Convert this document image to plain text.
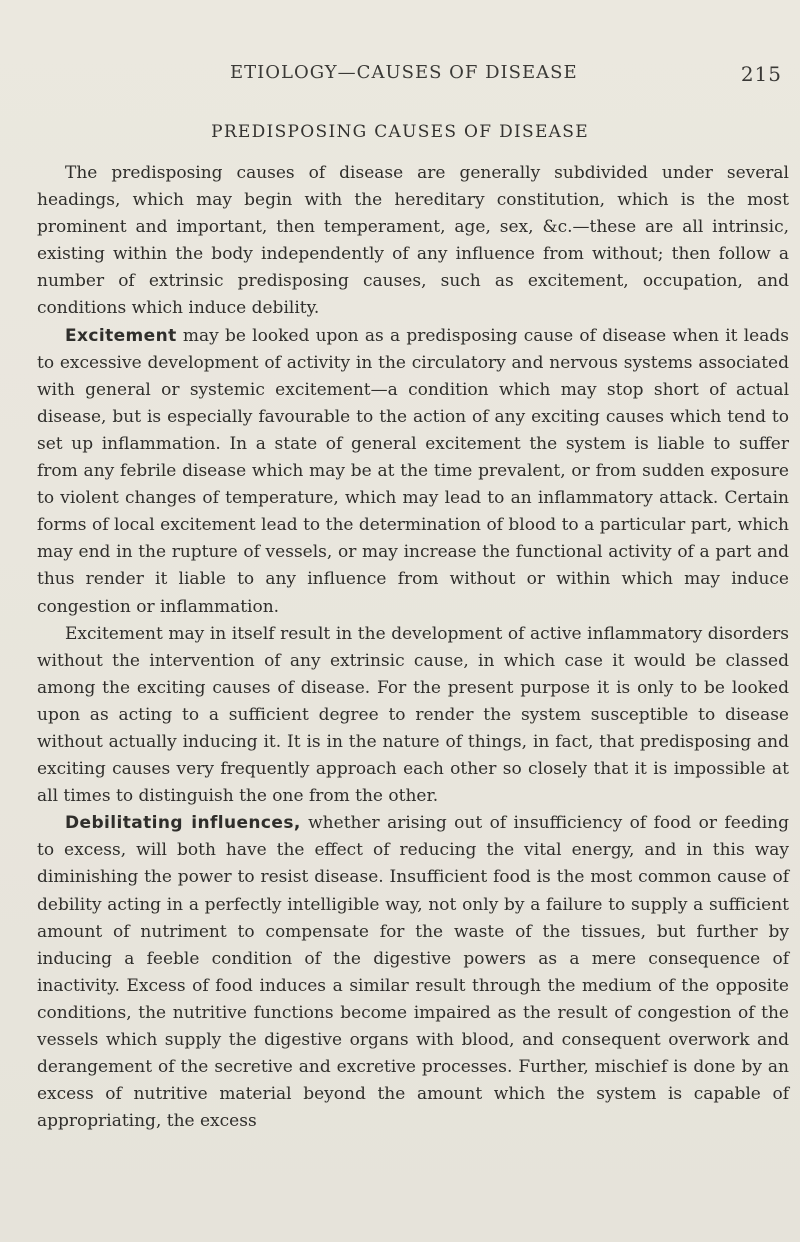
ETIOLOGY—CAUSES OF DISEASE	215
PREDISPOSING CAUSES OF DISEASE

The predisposing causes of disease are generally subdivided under several headings, which may begin with the hereditary constitution, which is the most prominent and important, then temperament, age, sex, &c.—these are all intrinsic, existing within the body independently of any influence from without; then follow a number of extrinsic predisposing causes, such as excitement, occupation, and conditions which induce debility.

Excitement may be looked upon as a predisposing cause of disease when it leads to excessive development of activity in the circulatory and nervous systems associated with general or systemic excitement—a condition which may stop short of actual disease, but is especially favourable to the action of any exciting causes which tend to set up inflammation. In a state of general excitement the system is liable to suffer from any febrile disease which may be at the time prevalent, or from sudden exposure to violent changes of temperature, which may lead to an inflammatory attack. Certain forms of local excitement lead to the determination of blood to a particular part, which may end in the rupture of vessels, or may increase the functional activity of a part and thus render it liable to any influence from without or within which may induce congestion or inflammation.

Excitement may in itself result in the development of active inflammatory disorders without the intervention of any extrinsic cause, in which case it would be classed among the exciting causes of disease. For the present purpose it is only to be looked upon as acting to a sufficient degree to render the system susceptible to disease without actually inducing it. It is in the nature of things, in fact, that predisposing and exciting causes very frequently approach each other so closely that it is impossible at all times to distinguish the one from the other.

Debilitating influences, whether arising out of insufficiency of food or feeding to excess, will both have the effect of reducing the vital energy, and in this way diminishing the power to resist disease. Insufficient food is the most common cause of debility acting in a perfectly intelligible way, not only by a failure to supply a sufficient amount of nutriment to compensate for the waste of the tissues, but further by inducing a feeble condition of the digestive powers as a mere consequence of inactivity. Excess of food induces a similar result through the medium of the opposite conditions, the nutritive functions become impaired as the result of congestion of the vessels which supply the digestive organs with blood, and consequent overwork and derangement of the secretive and excretive processes. Further, mischief is done by an excess of nutritive material beyond the amount which the system is capable of appropriating, the excess
